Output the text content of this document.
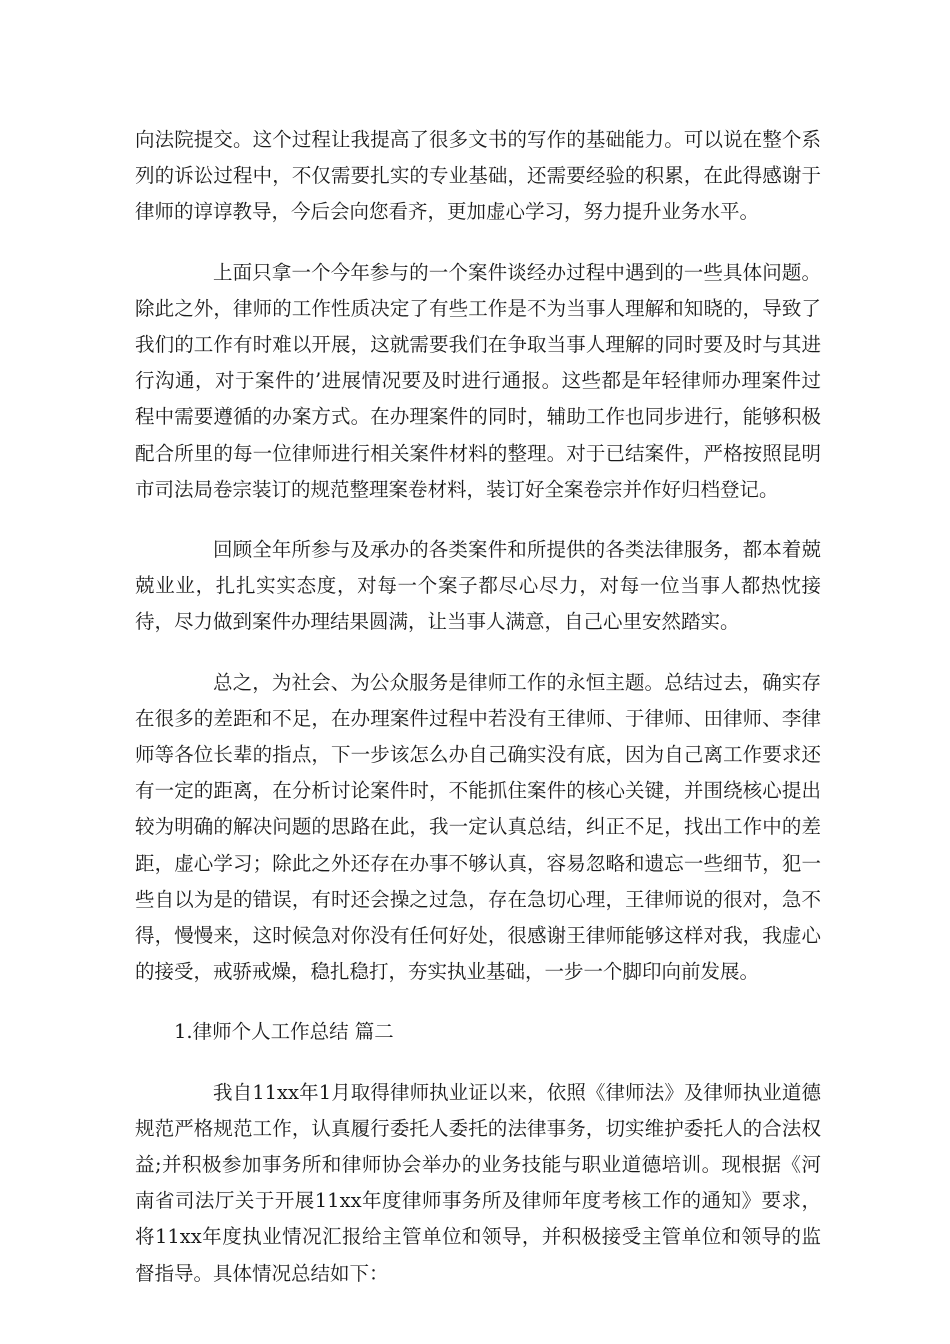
向法院提交。这个过程让我提高了很多文书的写作的基础能力。可以说在整个系列的诉讼过程中，不仅需要扎实的专业基础，还需要经验的积累，在此得感谢于律师的谆谆教导，今后会向您看齐，更加虚心学习，努力提升业务水平。

上面只拿一个今年参与的一个案件谈经办过程中遇到的一些具体问题。除此之外，律师的工作性质决定了有些工作是不为当事人理解和知晓的，导致了我们的工作有时难以开展，这就需要我们在争取当事人理解的同时要及时与其进行沟通，对于案件的’进展情况要及时进行通报。这些都是年轻律师办理案件过程中需要遵循的办案方式。在办理案件的同时，辅助工作也同步进行，能够积极配合所里的每一位律师进行相关案件材料的整理。对于已结案件，严格按照昆明市司法局卷宗装订的规范整理案卷材料，装订好全案卷宗并作好归档登记。

回顾全年所参与及承办的各类案件和所提供的各类法律服务，都本着兢兢业业，扎扎实实态度，对每一个案子都尽心尽力，对每一位当事人都热忱接待，尽力做到案件办理结果圆满，让当事人满意，自己心里安然踏实。

总之，为社会、为公众服务是律师工作的永恒主题。总结过去，确实存在很多的差距和不足，在办理案件过程中若没有王律师、于律师、田律师、李律师等各位长辈的指点，下一步该怎么办自己确实没有底，因为自己离工作要求还有一定的距离，在分析讨论案件时，不能抓住案件的核心关键，并围绕核心提出较为明确的解决问题的思路在此，我一定认真总结，纠正不足，找出工作中的差距，虚心学习；除此之外还存在办事不够认真，容易忽略和遗忘一些细节，犯一些自以为是的错误，有时还会操之过急，存在急切心理，王律师说的很对，急不得，慢慢来，这时候急对你没有任何好处，很感谢王律师能够这样对我，我虚心的接受，戒骄戒燥，稳扎稳打，夯实执业基础，一步一个脚印向前发展。

1.律师个人工作总结 篇二

我自11xx年1月取得律师执业证以来，依照《律师法》及律师执业道德规范严格规范工作，认真履行委托人委托的法律事务，切实维护委托人的合法权益;并积极参加事务所和律师协会举办的业务技能与职业道德培训。现根据《河南省司法厅关于开展11xx年度律师事务所及律师年度考核工作的通知》要求，将11xx年度执业情况汇报给主管单位和领导，并积极接受主管单位和领导的监督指导。具体情况总结如下：
